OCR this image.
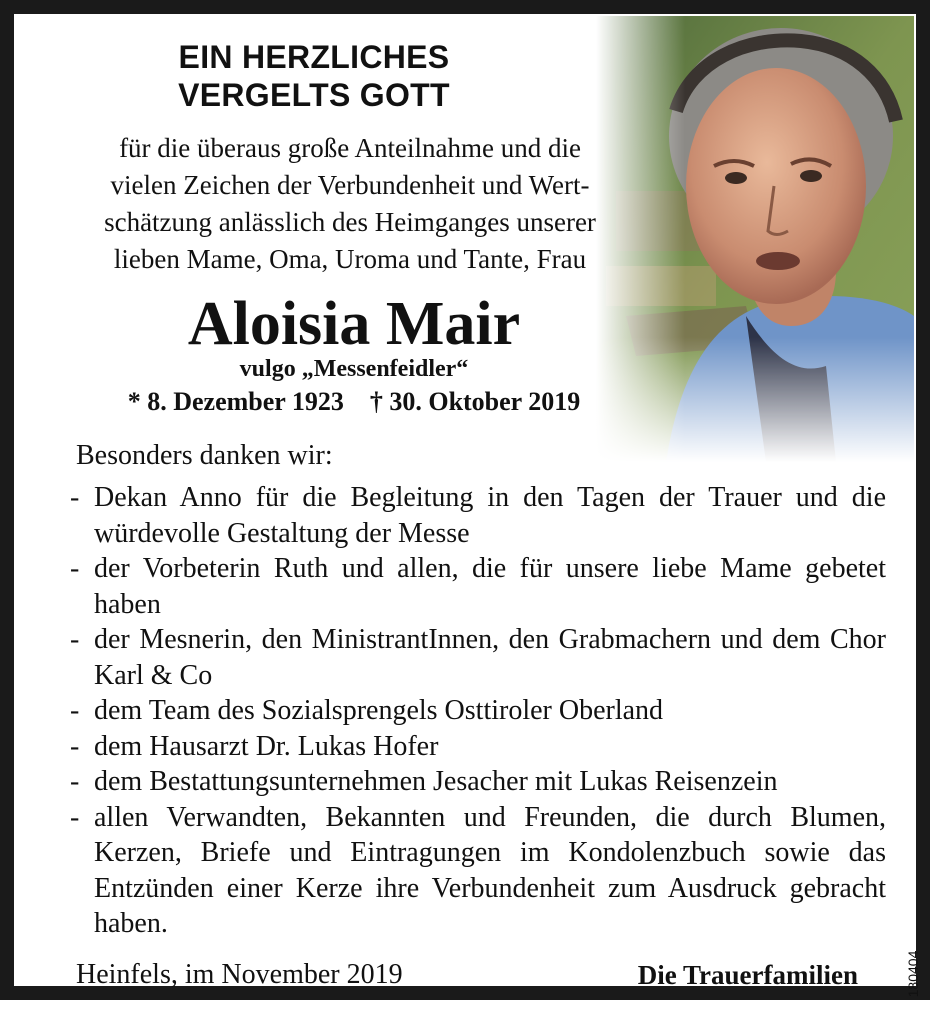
EIN HERZLICHES
VERGELTS GOTT
für die überaus große Anteilnahme und die
vielen Zeichen der Verbundenheit und Wert-
schätzung anlässlich des Heimganges unserer
lieben Mame, Oma, Uroma und Tante, Frau
Aloisia Mair
vulgo „Messenfeidler“
* 8. Dezember 1923 † 30. Oktober 2019
Besonders danken wir:
- Dekan Anno für die Begleitung in den Tagen der Trauer und die würdevolle Gestaltung der Messe
- der Vorbeterin Ruth und allen, die für unsere liebe Mame gebetet haben
- der Mesnerin, den MinistrantInnen, den Grabmachern und dem Chor Karl & Co
- dem Team des Sozialsprengels Osttiroler Oberland
- dem Hausarzt Dr. Lukas Hofer
- dem Bestattungsunternehmen Jesacher mit Lukas Reisenzein
- allen Verwandten, Bekannten und Freunden, die durch Blumen, Kerzen, Briefe und Eintragungen im Kondolenzbuch sowie das Entzünden einer Kerze ihre Verbundenheit zum Ausdruck gebracht haben.
Heinfels, im November 2019	Die Trauerfamilien	180404
